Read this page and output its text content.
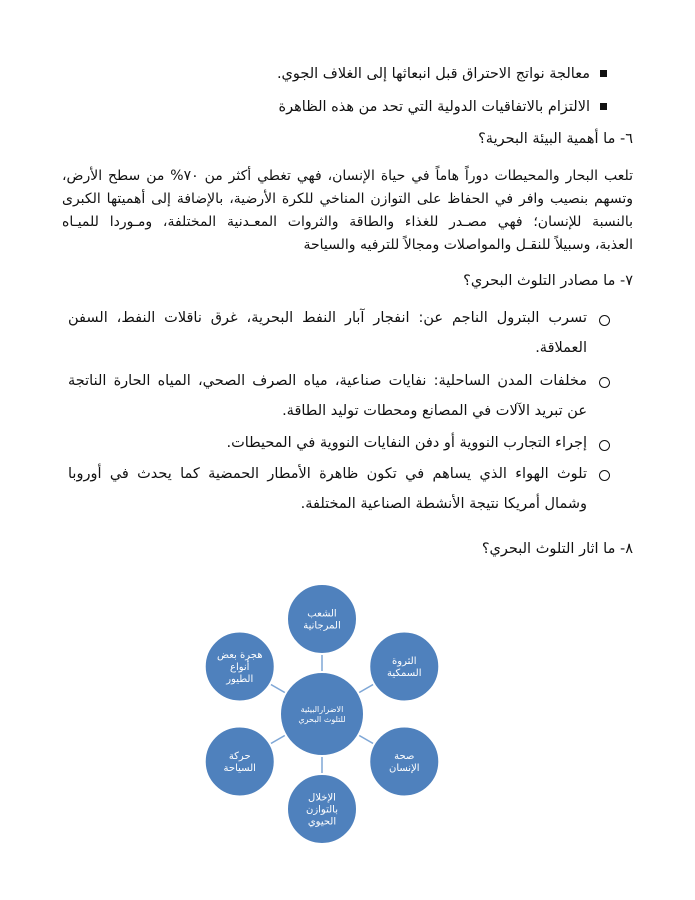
معالجة نواتج الاحتراق قبل انبعاثها إلى الغلاف الجوي.
الالتزام بالاتفاقيات الدولية التي تحد من هذه الظاهرة
٦- ما أهمية البيئة البحرية؟
تلعب البحار والمحيطات دوراً هاماً في حياة الإنسان، فهي تغطي أكثر من ٧٠% من سطح الأرض،
وتسهم بنصيب وافر في الحفاظ على التوازن المناخي للكرة الأرضية، بالإضافة إلى أهميتها الكبرى
بالنسبة للإنسان؛ فهي مصـدر للغذاء والطاقة والثروات المعـدنية المختلفة، ومـوردا للميـاه
العذبة، وسبيلاً للنقـل والمواصلات ومجالاً للترفيه والسياحة
٧- ما مصادر التلوث البحري؟
تسرب البترول الناجم عن: انفجار آبار النفط البحرية، غرق ناقلات النفط، السفن
العملاقة.
مخلفات المدن الساحلية: نفايات صناعية، مياه الصرف الصحي، المياه الحارة الناتجة
عن تبريد الآلات في المصانع ومحطات توليد الطاقة.
إجراء التجارب النووية أو دفن النفايات النووية في المحيطات.
تلوث الهواء الذي يساهم في تكون ظاهرة الأمطار الحمضية كما يحدث في أوروبا
وشمال أمريكا نتيجة الأنشطة الصناعية المختلفة.
٨- ما اثار التلوث البحري؟
الشعب
المرجانية
الثروة
السمكية
صحة
الإنسان
الإخلال
بالتوازن
الحيوي
حركة
السياحة
هجرة بعض
أنواع
الطيور
الاضرارالبيئية
للتلوث البحري
